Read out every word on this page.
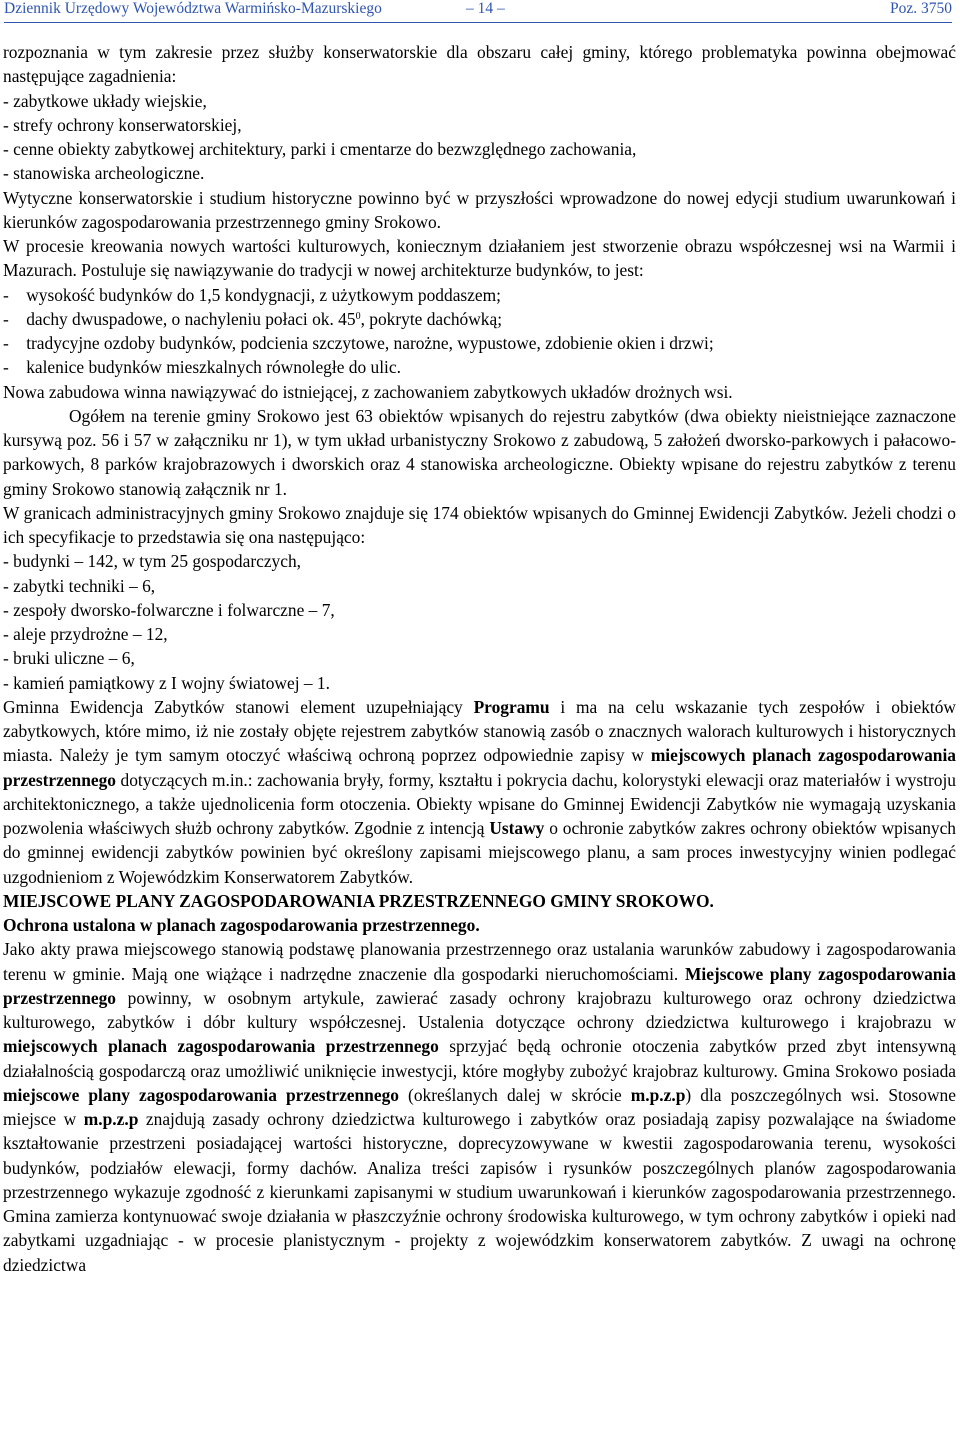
Dziennik Urzędowy Województwa Warmińsko-Mazurskiego	– 14 –	Poz. 3750

rozpoznania w tym zakresie przez służby konserwatorskie dla obszaru całej gminy, którego problematyka powinna obejmować następujące zagadnienia:

- zabytkowe układy wiejskie,

- strefy ochrony konserwatorskiej,

- cenne obiekty zabytkowej architektury, parki i cmentarze do bezwzględnego zachowania,

- stanowiska archeologiczne.

Wytyczne konserwatorskie i studium historyczne powinno być w przyszłości wprowadzone do nowej edycji studium uwarunkowań i kierunków zagospodarowania przestrzennego gminy Srokowo.

W procesie kreowania nowych wartości kulturowych, koniecznym działaniem jest stworzenie obrazu współczesnej wsi na Warmii i Mazurach. Postuluje się nawiązywanie do tradycji w nowej architekturze budynków, to jest:

- wysokość budynków do 1,5 kondygnacji, z użytkowym poddaszem;

- dachy dwuspadowe, o nachyleniu połaci ok. $45^0$, pokryte dachówką;

- tradycyjne ozdoby budynków, podcienia szczytowe, narożne, wypustowe, zdobienie okien i drzwi;

- kalenice budynków mieszkalnych równoległe do ulic.

Nowa zabudowa winna nawiązywać do istniejącej, z zachowaniem zabytkowych układów drożnych wsi.

Ogółem na terenie gminy Srokowo jest 63 obiektów wpisanych do rejestru zabytków (dwa obiekty nieistniejące zaznaczone kursywą poz. 56 i 57 w załączniku nr 1), w tym układ urbanistyczny Srokowo z zabudową, 5 założeń dworsko-parkowych i pałacowo-parkowych, 8 parków krajobrazowych i dworskich oraz 4 stanowiska archeologiczne. Obiekty wpisane do rejestru zabytków z terenu gminy Srokowo stanowią załącznik nr 1.

W granicach administracyjnych gminy Srokowo znajduje się 174 obiektów wpisanych do Gminnej Ewidencji Zabytków. Jeżeli chodzi o ich specyfikacje to przedstawia się ona następująco:

- budynki – 142, w tym 25 gospodarczych,

- zabytki techniki – 6,

- zespoły dworsko-folwarczne i folwarczne – 7,

- aleje przydrożne – 12,

- bruki uliczne – 6,

- kamień pamiątkowy z I wojny światowej – 1.

Gminna Ewidencja Zabytków stanowi element uzupełniający Programu i ma na celu wskazanie tych zespołów i obiektów zabytkowych, które mimo, iż nie zostały objęte rejestrem zabytków stanowią zasób o znacznych walorach kulturowych i historycznych miasta. Należy je tym samym otoczyć właściwą ochroną poprzez odpowiednie zapisy w miejscowych planach zagospodarowania przestrzennego dotyczących m.in.: zachowania bryły, formy, kształtu i pokrycia dachu, kolorystyki elewacji oraz materiałów i wystroju architektonicznego, a także ujednolicenia form otoczenia. Obiekty wpisane do Gminnej Ewidencji Zabytków nie wymagają uzyskania pozwolenia właściwych służb ochrony zabytków. Zgodnie z intencją Ustawy o ochronie zabytków zakres ochrony obiektów wpisanych do gminnej ewidencji zabytków powinien być określony zapisami miejscowego planu, a sam proces inwestycyjny winien podlegać uzgodnieniom z Wojewódzkim Konserwatorem Zabytków.

MIEJSCOWE PLANY ZAGOSPODAROWANIA PRZESTRZENNEGO GMINY SROKOWO.

Ochrona ustalona w planach zagospodarowania przestrzennego.

Jako akty prawa miejscowego stanowią podstawę planowania przestrzennego oraz ustalania warunków zabudowy i zagospodarowania terenu w gminie. Mają one wiążące i nadrzędne znaczenie dla gospodarki nieruchomościami. Miejscowe plany zagospodarowania przestrzennego powinny, w osobnym artykule, zawierać zasady ochrony krajobrazu kulturowego oraz ochrony dziedzictwa kulturowego, zabytków i dóbr kultury współczesnej. Ustalenia dotyczące ochrony dziedzictwa kulturowego i krajobrazu w miejscowych planach zagospodarowania przestrzennego sprzyjać będą ochronie otoczenia zabytków przed zbyt intensywną działalnością gospodarczą oraz umożliwić uniknięcie inwestycji, które mogłyby zubożyć krajobraz kulturowy. Gmina Srokowo posiada miejscowe plany zagospodarowania przestrzennego (określanych dalej w skrócie m.p.z.p) dla poszczególnych wsi. Stosowne miejsce w m.p.z.p znajdują zasady ochrony dziedzictwa kulturowego i zabytków oraz posiadają zapisy pozwalające na świadome kształtowanie przestrzeni posiadającej wartości historyczne, doprecyzowywane w kwestii zagospodarowania terenu, wysokości budynków, podziałów elewacji, formy dachów. Analiza treści zapisów i rysunków poszczególnych planów zagospodarowania przestrzennego wykazuje zgodność z kierunkami zapisanymi w studium uwarunkowań i kierunków zagospodarowania przestrzennego. Gmina zamierza kontynuować swoje działania w płaszczyźnie ochrony środowiska kulturowego, w tym ochrony zabytków i opieki nad zabytkami uzgadniając - w procesie planistycznym - projekty z wojewódzkim konserwatorem zabytków. Z uwagi na ochronę dziedzictwa
